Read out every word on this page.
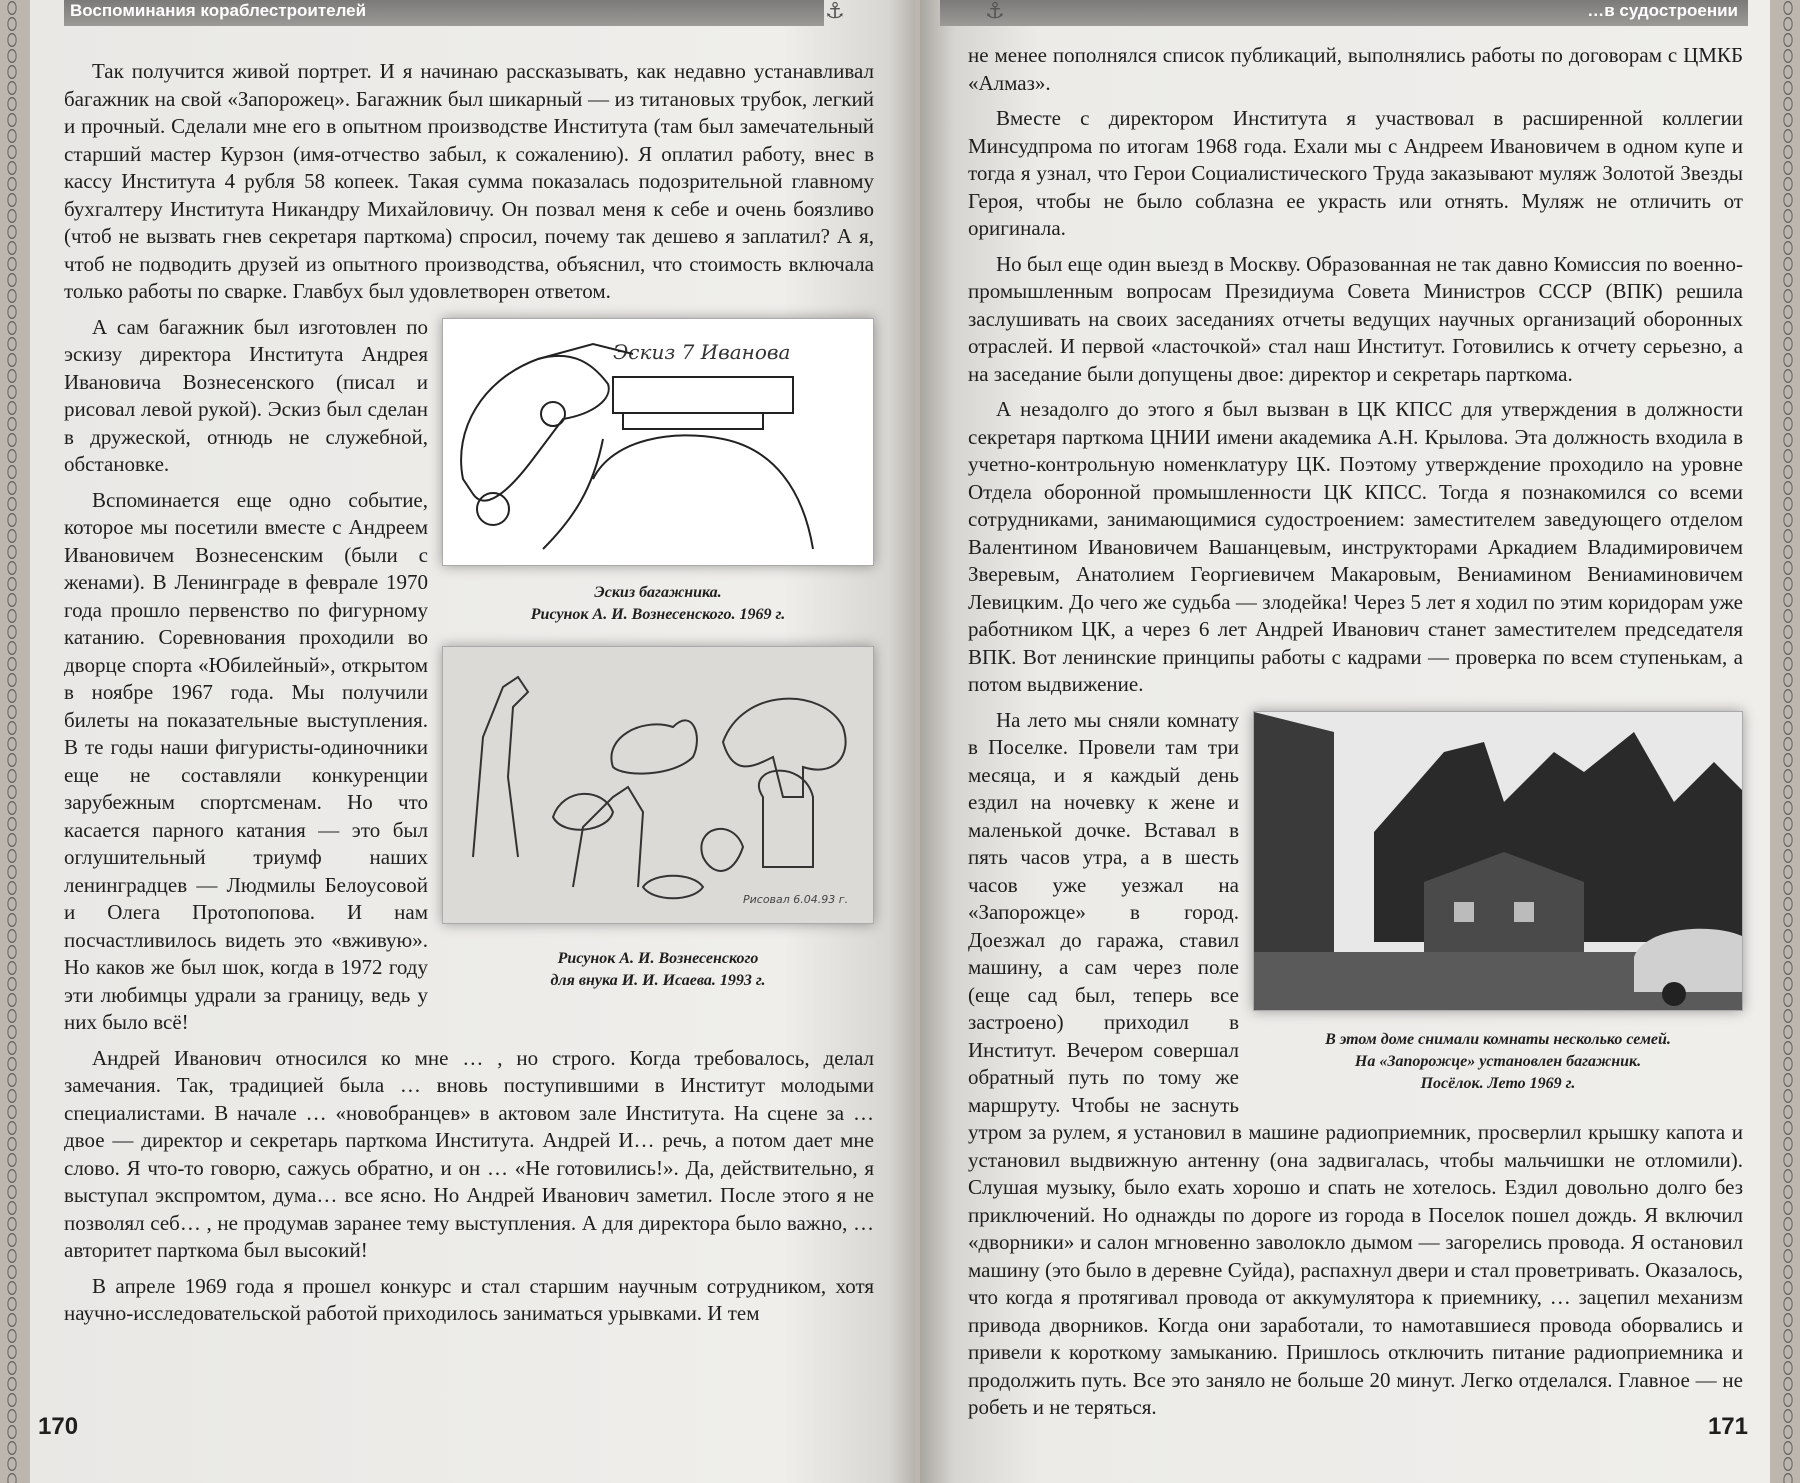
Воспоминания кораблестроителей	⚓

Так получится живой портрет. И я начинаю рассказывать, как недавно устанавливал багажник на свой «Запорожец». Багажник был шикарный — из титановых трубок, легкий и прочный. Сделали мне его в опытном производстве Института (там был замечательный старший мастер Курзон (имя-отчество забыл, к сожалению). Я оплатил работу, внес в кассу Института 4 рубля 58 копеек. Такая сумма показалась подозрительной главному бухгалтеру Института Никандру Михайловичу. Он позвал меня к себе и очень боязливо (чтоб не вызвать гнев секретаря парткома) спросил, почему так дешево я заплатил? А я, чтоб не подводить друзей из опытного производства, объяснил, что стоимость включала только работы по сварке. Главбух был удовлетворен ответом.

Эскиз 7 Иванова
Эскиз багажника.
Рисунок А. И. Вознесенского. 1969 г.
Рисовал 6.04.93 г.
Рисунок А. И. Вознесенского
для внука И. И. Исаева. 1993 г.

А сам багажник был изготовлен по эскизу директора Института Андрея Ивановича Вознесенского (писал и рисовал левой рукой). Эскиз был сделан в дружеской, отнюдь не служебной, обстановке.

Вспоминается еще одно событие, которое мы посетили вместе с Андреем Ивановичем Вознесенским (были с женами). В Ленинграде в феврале 1970 года прошло первенство по фигурному катанию. Соревнования проходили во дворце спорта «Юбилейный», открытом в ноябре 1967 года. Мы получили билеты на показательные выступления. В те годы наши фигуристы-одиночники еще не составляли конкуренции зарубежным спортсменам. Но что касается парного катания — это был оглушительный триумф наших ленинградцев — Людмилы Белоусовой и Олега Протопопова. И нам посчастливилось видеть это «вживую». Но каков же был шок, когда в 1972 году эти любимцы удрали за границу, ведь у них было всё!

Андрей Иванович относился ко мне … , но строго. Когда требовалось, делал замечания. Так, традицией была … вновь поступившими в Институт молодыми специалистами. В начале … «новобранцев» в актовом зале Института. На сцене за … двое — директор и секретарь парткома Института. Андрей И… речь, а потом дает мне слово. Я что-то говорю, сажусь обратно, и он … «Не готовились!». Да, действительно, я выступал экспромтом, дума… все ясно. Но Андрей Иванович заметил. После этого я не позволял себ… , не продумав заранее тему выступления. А для директора было важно, … авторитет парткома был высокий!

В апреле 1969 года я прошел конкурс и стал старшим научным сотрудником, хотя научно-исследовательской работой приходилось заниматься урывками. И тем

170
…в судостроении
⚓

не менее пополнялся список публикаций, выполнялись работы по договорам с ЦМКБ «Алмаз».

Вместе с директором Института я участвовал в расширенной коллегии Минсудпрома по итогам 1968 года. Ехали мы с Андреем Ивановичем в одном купе и тогда я узнал, что Герои Социалистического Труда заказывают муляж Золотой Звезды Героя, чтобы не было соблазна ее украсть или отнять. Муляж не отличить от оригинала.

Но был еще один выезд в Москву. Образованная не так давно Комиссия по военно-промышленным вопросам Президиума Совета Министров СССР (ВПК) решила заслушивать на своих заседаниях отчеты ведущих научных организаций оборонных отраслей. И первой «ласточкой» стал наш Институт. Готовились к отчету серьезно, а на заседание были допущены двое: директор и секретарь парткома.

А незадолго до этого я был вызван в ЦК КПСС для утверждения в должности секретаря парткома ЦНИИ имени академика А.Н. Крылова. Эта должность входила в учетно-контрольную номенклатуру ЦК. Поэтому утверждение проходило на уровне Отдела оборонной промышленности ЦК КПСС. Тогда я познакомился со всеми сотрудниками, занимающимися судостроением: заместителем заведующего отделом Валентином Ивановичем Вашанцевым, инструкторами Аркадием Владимировичем Зверевым, Анатолием Георгиевичем Макаровым, Вениамином Вениаминовичем Левицким. До чего же судьба — злодейка! Через 5 лет я ходил по этим коридорам уже работником ЦК, а через 6 лет Андрей Иванович станет заместителем председателя ВПК. Вот ленинские принципы работы с кадрами — проверка по всем ступенькам, а потом выдвижение.

В этом доме снимали комнаты несколько семей.
На «Запорожце» установлен багажник.
Посёлок. Лето 1969 г.

На лето мы сняли комнату в Поселке. Провели там три месяца, и я каждый день ездил на ночевку к жене и маленькой дочке. Вставал в пять часов утра, а в шесть часов уже уезжал на «Запорожце» в город. Доезжал до гаража, ставил машину, а сам через поле (еще сад был, теперь все застроено) приходил в Институт. Вечером совершал обратный путь по тому же маршруту. Чтобы не заснуть утром за рулем, я установил в машине радиоприемник, просверлил крышку капота и установил выдвижную антенну (она задвигалась, чтобы мальчишки не отломили). Слушая музыку, было ехать хорошо и спать не хотелось. Ездил довольно долго без приключений. Но однажды по дороге из города в Поселок пошел дождь. Я включил «дворники» и салон мгновенно заволокло дымом — загорелись провода. Я остановил машину (это было в деревне Суйда), распахнул двери и стал проветривать. Оказалось, что когда я протягивал провода от аккумулятора к приемнику, … зацепил механизм привода дворников. Когда они заработали, то намотавшиеся провода оборвались и привели к короткому замыканию. Пришлось отключить питание радиоприемника и продолжить путь. Все это заняло не больше 20 минут. Легко отделался. Главное — не робеть и не теряться.

171
